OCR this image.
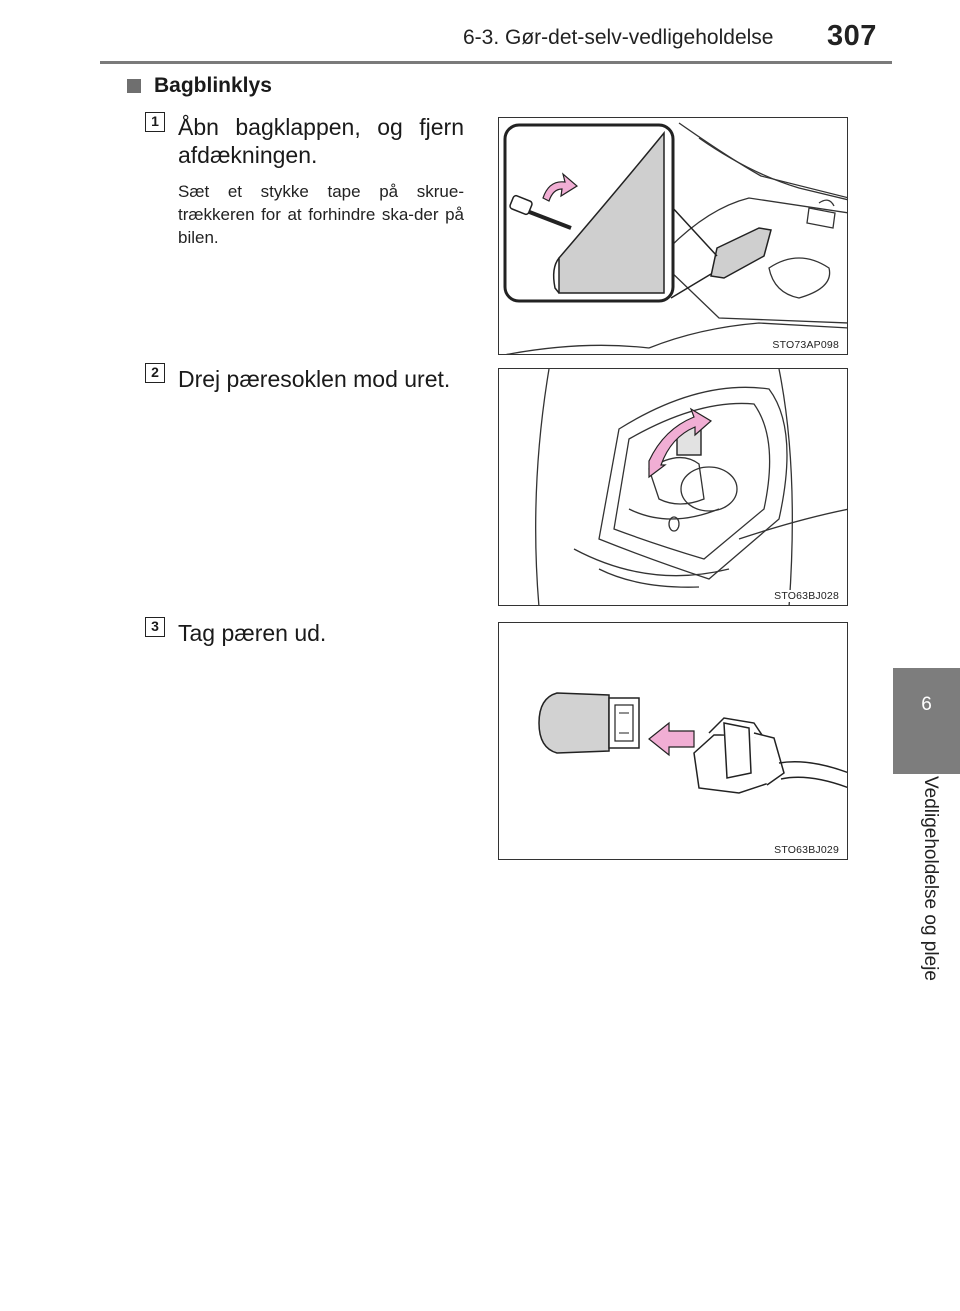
6-3. Gør-det-selv-vedligeholdelse 307
6
Vedligeholdelse og pleje
Bagblinklys
1 Åbn bagklappen, og fjern
afdækningen.
Sæt et stykke tape på skrue-trækkeren for at forhindre ska-der på bilen.
STO73AP098
2 Drej pæresoklen mod uret.
STO63BJ028
3 Tag pæren ud.
STO63BJ029
